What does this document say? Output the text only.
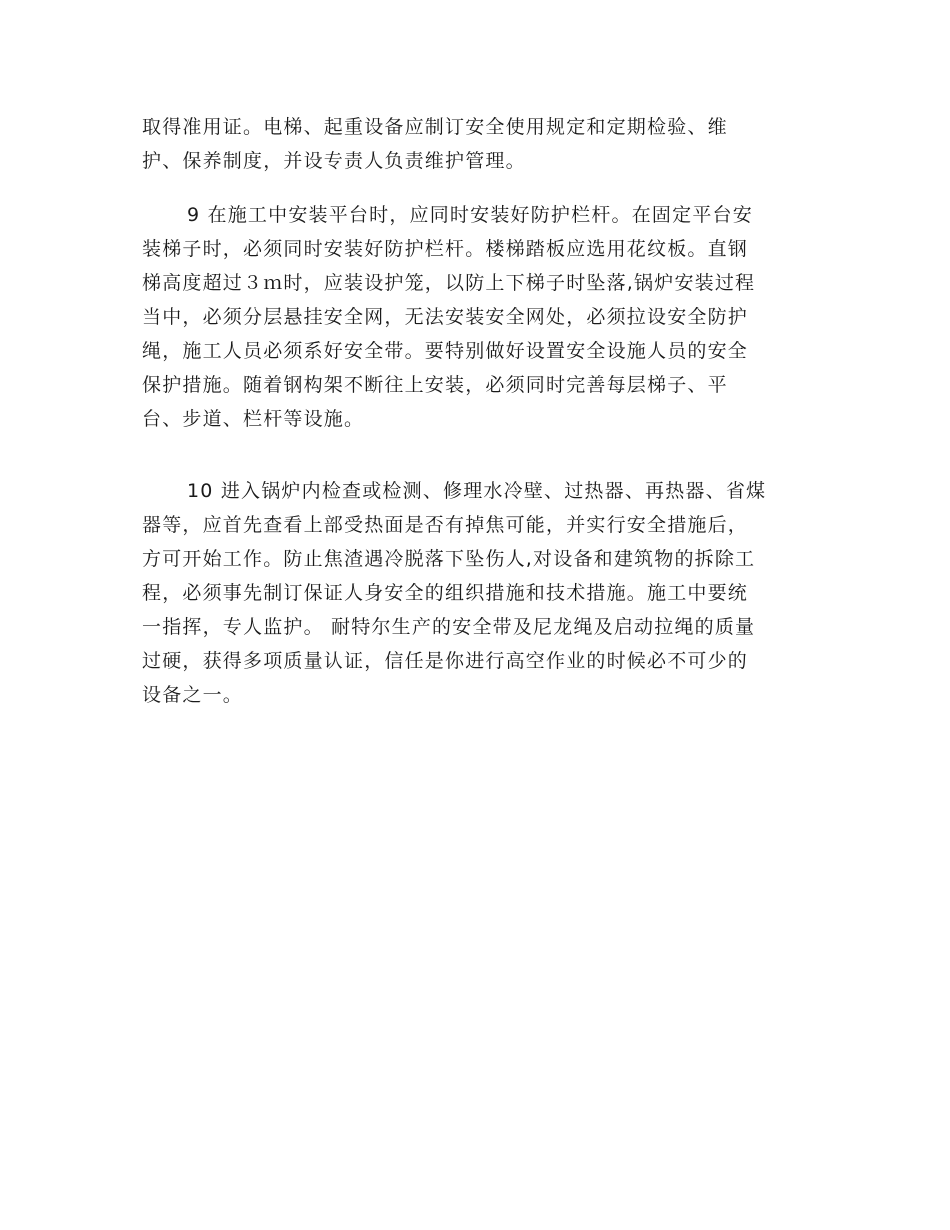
取得准用证。电梯、起重设备应制订安全使用规定和定期检验、维
护、保养制度，并设专责人负责维护管理。
9 在施工中安装平台时，应同时安装好防护栏杆。在固定平台安
装梯子时，必须同时安装好防护栏杆。楼梯踏板应选用花纹板。直钢
梯高度超过３ｍ时，应装设护笼，以防上下梯子时坠落,锅炉安装过程
当中，必须分层悬挂安全网，无法安装安全网处，必须拉设安全防护
绳，施工人员必须系好安全带。要特别做好设置安全设施人员的安全
保护措施。随着钢构架不断往上安装，必须同时完善每层梯子、平
台、步道、栏杆等设施。
10 进入锅炉内检查或检测、修理水冷壁、过热器、再热器、省煤
器等，应首先查看上部受热面是否有掉焦可能，并实行安全措施后，
方可开始工作。防止焦渣遇冷脱落下坠伤人,对设备和建筑物的拆除工
程，必须事先制订保证人身安全的组织措施和技术措施。施工中要统
一指挥，专人监护。 耐特尔生产的安全带及尼龙绳及启动拉绳的质量
过硬，获得多项质量认证，信任是你进行高空作业的时候必不可少的
设备之一。
